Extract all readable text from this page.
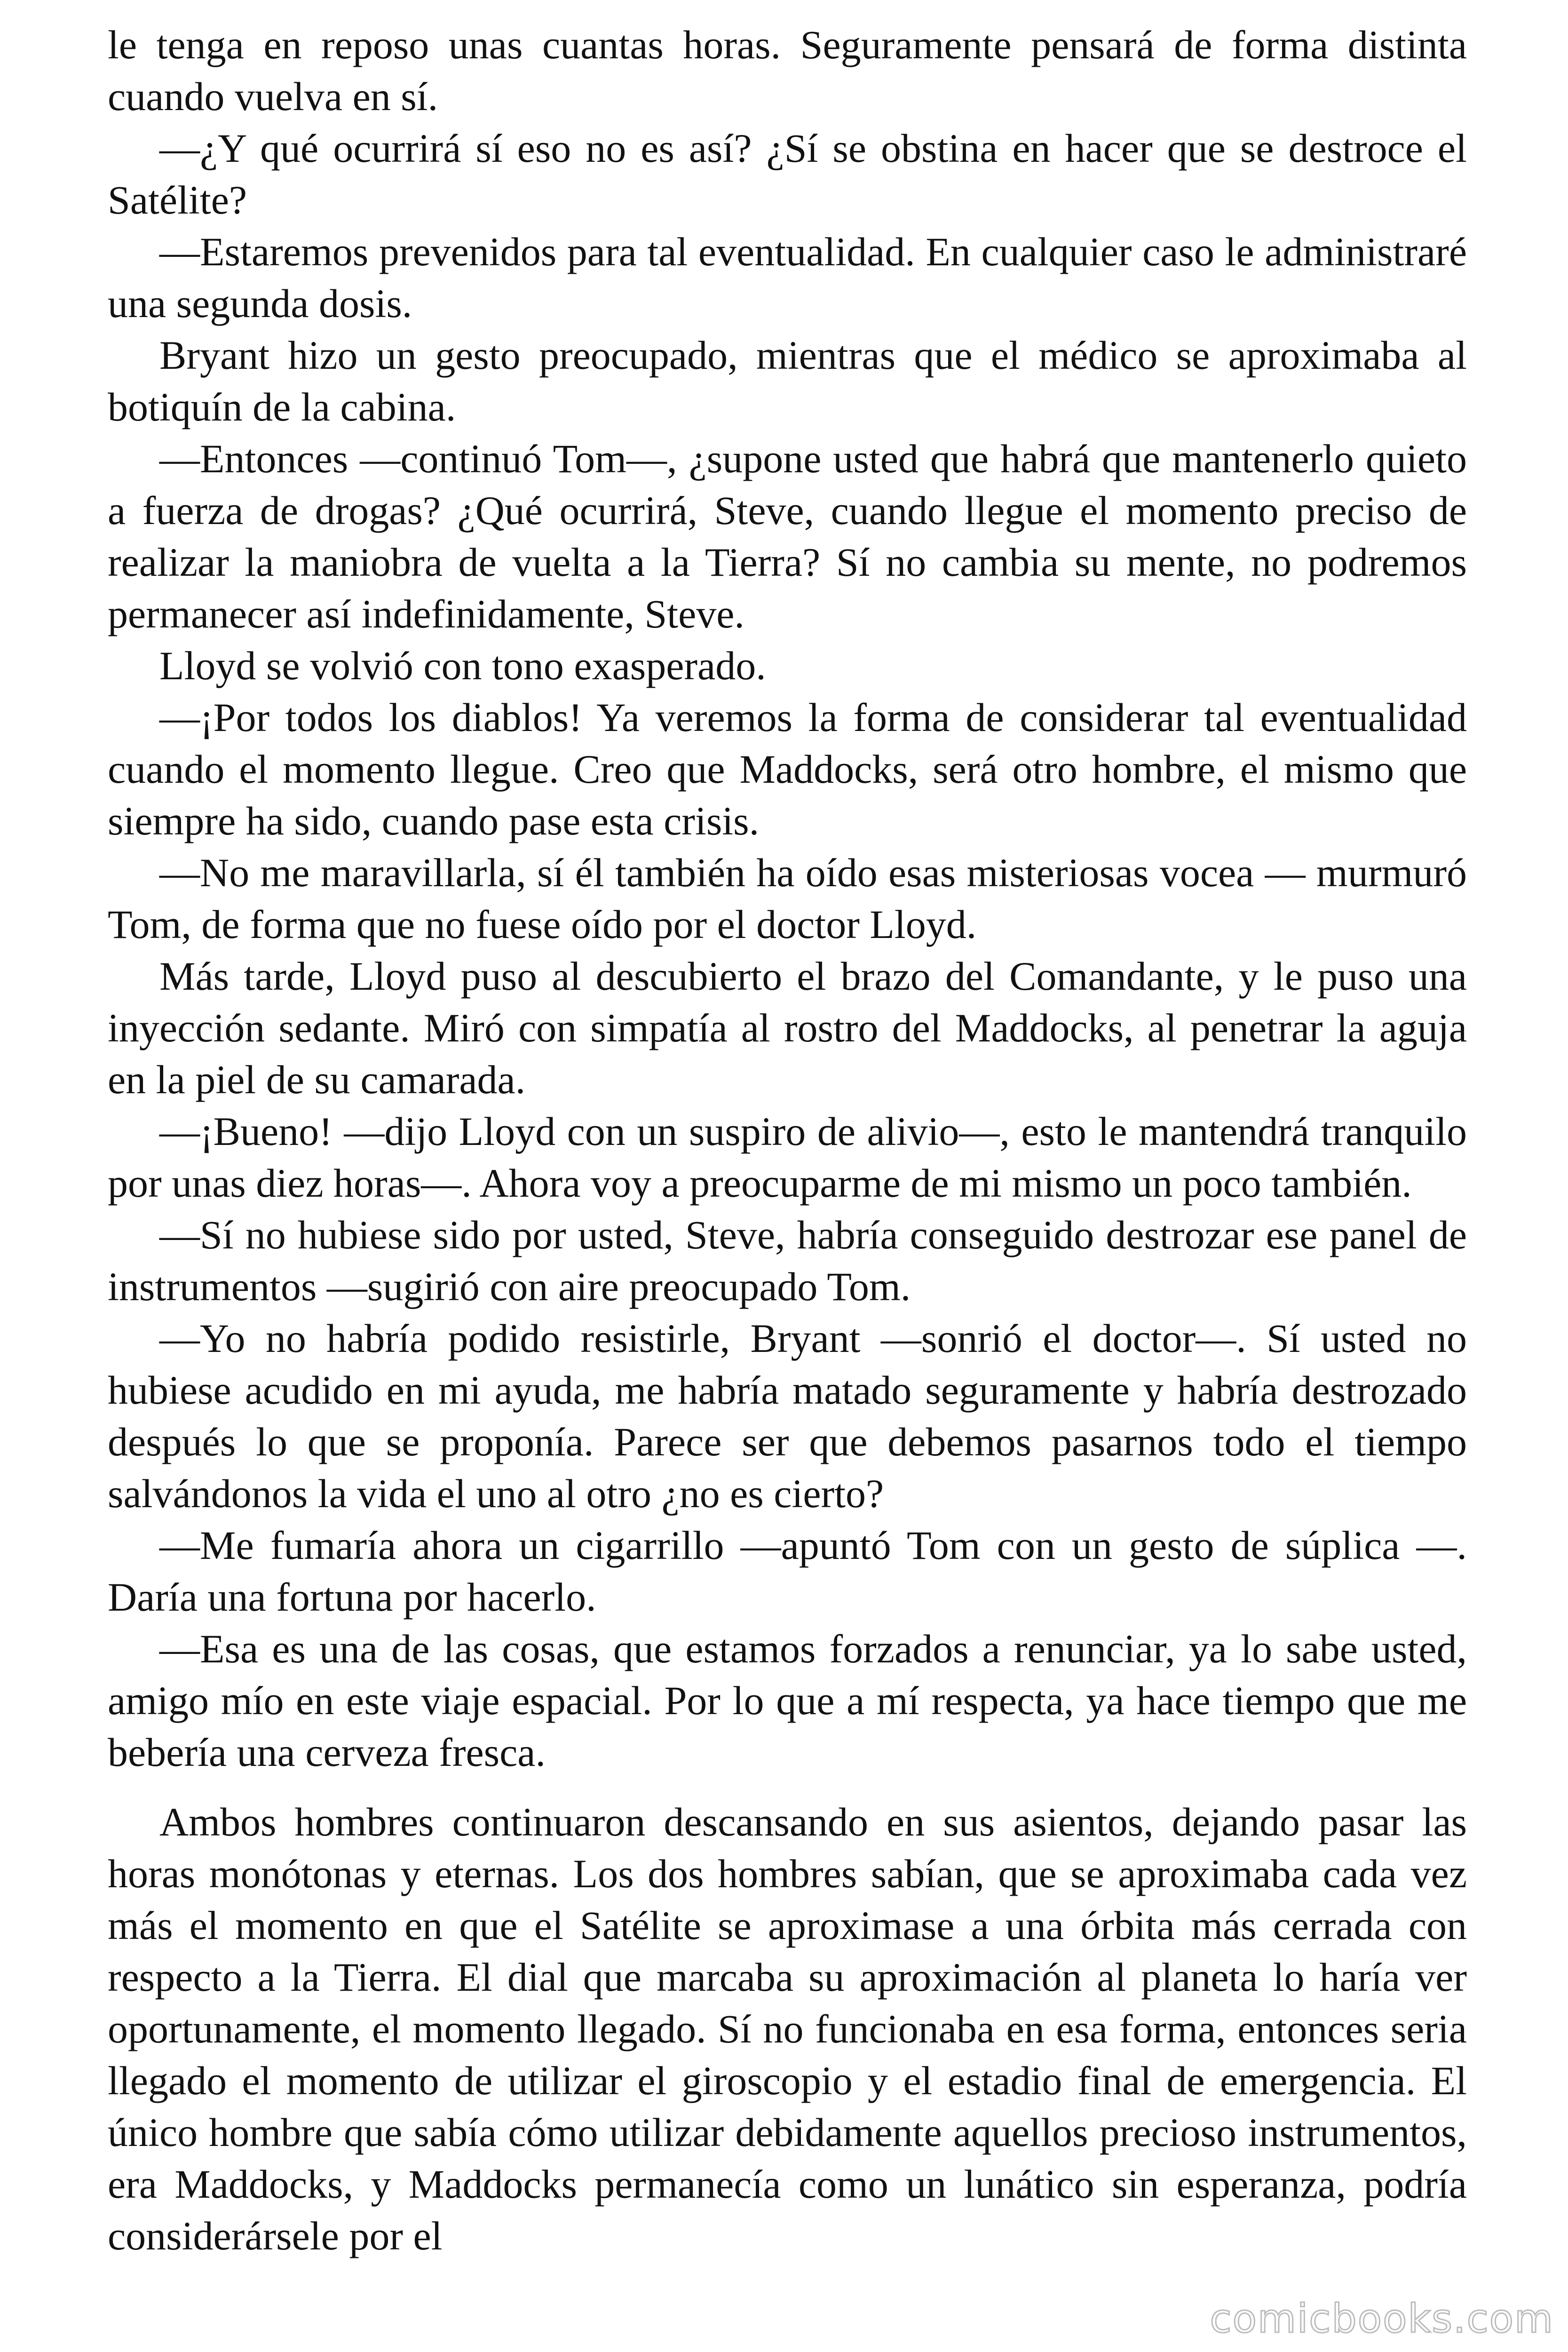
le tenga en reposo unas cuantas horas. Seguramente pensará de forma distinta cuando vuelva en sí.

—¿Y qué ocurrirá sí eso no es así? ¿Sí se obstina en hacer que se destroce el Satélite?

—Estaremos prevenidos para tal eventualidad. En cualquier caso le administraré una segunda dosis.

Bryant hizo un gesto preocupado, mientras que el médico se aproximaba al botiquín de la cabina.

—Entonces —continuó Tom—, ¿supone usted que habrá que mantenerlo quieto a fuerza de drogas? ¿Qué ocurrirá, Steve, cuando llegue el momento preciso de realizar la maniobra de vuelta a la Tierra? Sí no cambia su mente, no podremos permanecer así indefinidamente, Steve.

Lloyd se volvió con tono exasperado.

—¡Por todos los diablos! Ya veremos la forma de considerar tal eventualidad cuando el momento llegue. Creo que Maddocks, será otro hombre, el mismo que siempre ha sido, cuando pase esta crisis.

—No me maravillarla, sí él también ha oído esas misteriosas vocea — murmuró Tom, de forma que no fuese oído por el doctor Lloyd.

Más tarde, Lloyd puso al descubierto el brazo del Comandante, y le puso una inyección sedante. Miró con simpatía al rostro del Maddocks, al penetrar la aguja en la piel de su camarada.

—¡Bueno! —dijo Lloyd con un suspiro de alivio—, esto le mantendrá tranquilo por unas diez horas—. Ahora voy a preocuparme de mi mismo un poco también.

—Sí no hubiese sido por usted, Steve, habría conseguido destrozar ese panel de instrumentos —sugirió con aire preocupado Tom.

—Yo no habría podido resistirle, Bryant —sonrió el doctor—. Sí usted no hubiese acudido en mi ayuda, me habría matado seguramente y habría destrozado después lo que se proponía. Parece ser que debemos pasarnos todo el tiempo salvándonos la vida el uno al otro ¿no es cierto?

—Me fumaría ahora un cigarrillo —apuntó Tom con un gesto de súplica —. Daría una fortuna por hacerlo.

—Esa es una de las cosas, que estamos forzados a renunciar, ya lo sabe usted, amigo mío en este viaje espacial. Por lo que a mí respecta, ya hace tiempo que me bebería una cerveza fresca.

Ambos hombres continuaron descansando en sus asientos, dejando pasar las horas monótonas y eternas. Los dos hombres sabían, que se aproximaba cada vez más el momento en que el Satélite se aproximase a una órbita más cerrada con respecto a la Tierra. El dial que marcaba su aproximación al planeta lo haría ver oportunamente, el momento llegado. Sí no funcionaba en esa forma, entonces seria llegado el momento de utilizar el giroscopio y el estadio final de emergencia. El único hombre que sabía cómo utilizar debidamente aquellos precioso instrumentos, era Maddocks, y Maddocks permanecía como un lunático sin esperanza, podría considerársele por el

comicbooks.com
